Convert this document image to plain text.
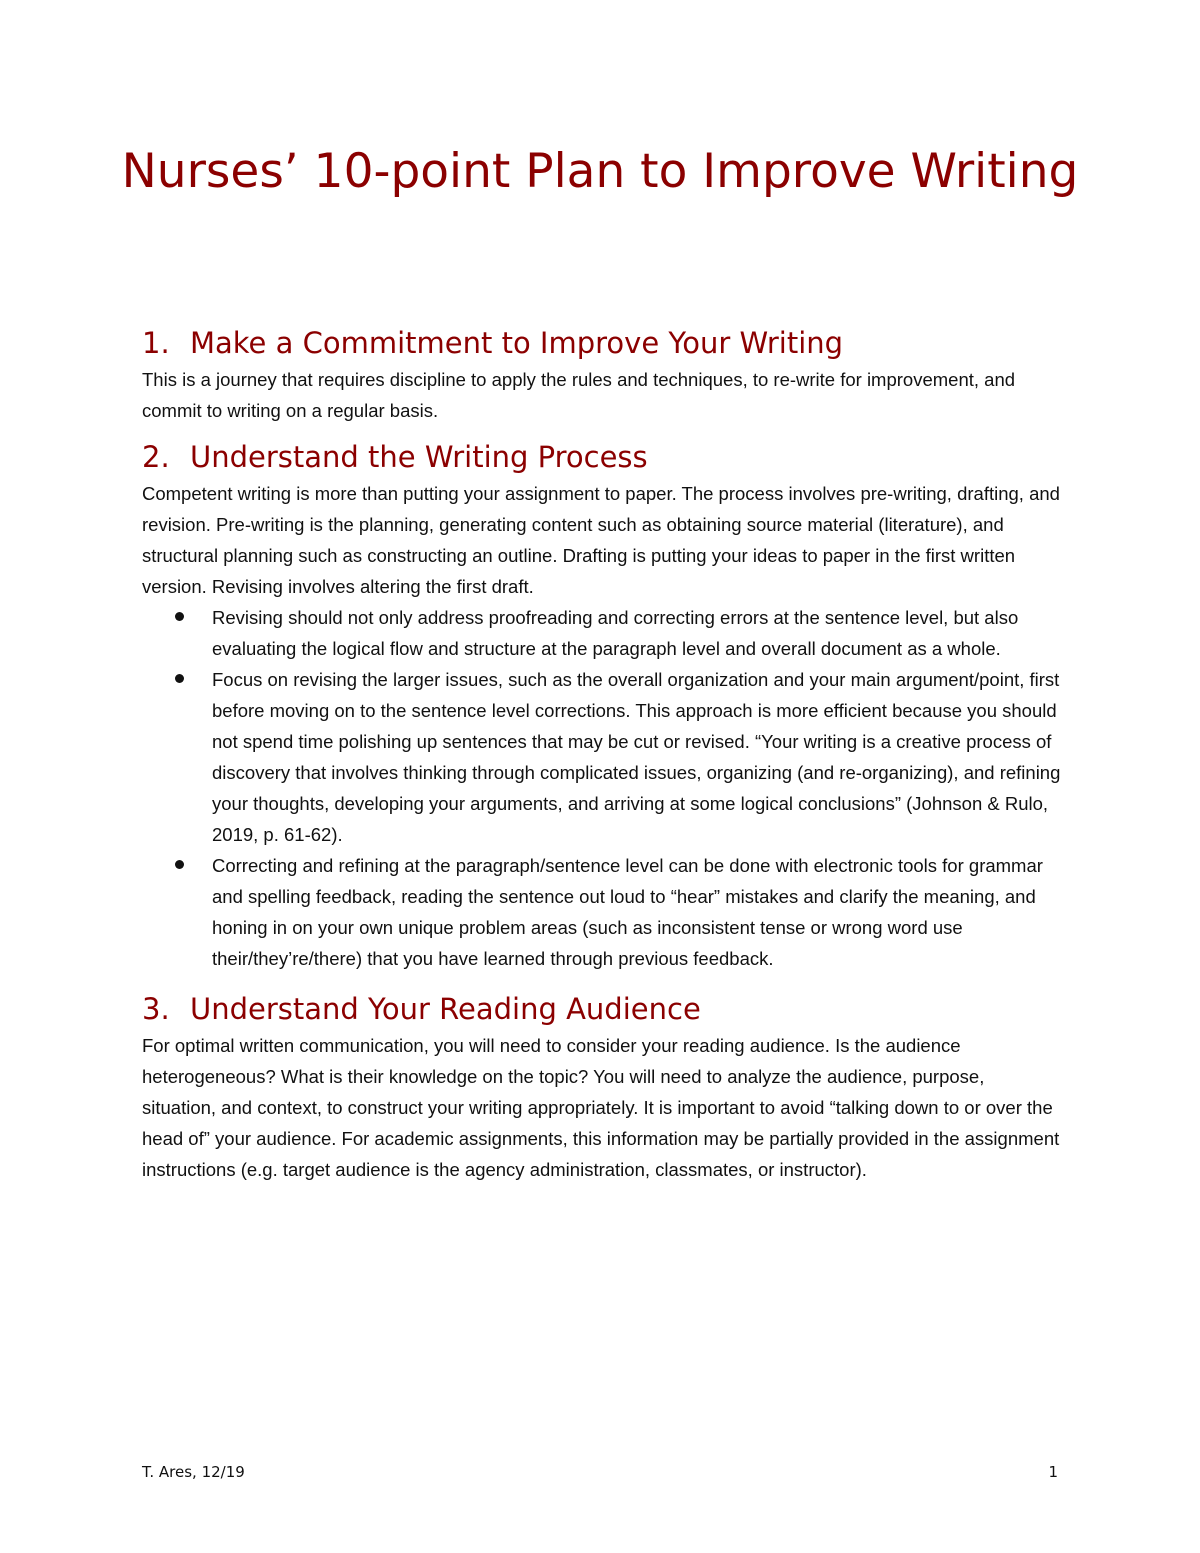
Nurses’ 10-point Plan to Improve Writing
1. Make a Commitment to Improve Your Writing

This is a journey that requires discipline to apply the rules and techniques, to re-write for improvement, and commit to writing on a regular basis.

2. Understand the Writing Process

Competent writing is more than putting your assignment to paper. The process involves pre-writing, drafting, and revision. Pre-writing is the planning, generating content such as obtaining source material (literature), and structural planning such as constructing an outline. Drafting is putting your ideas to paper in the first written version. Revising involves altering the first draft.

Revising should not only address proofreading and correcting errors at the sentence level, but also evaluating the logical flow and structure at the paragraph level and overall document as a whole.
Focus on revising the larger issues, such as the overall organization and your main argument/point, first before moving on to the sentence level corrections. This approach is more efficient because you should not spend time polishing up sentences that may be cut or revised. “Your writing is a creative process of discovery that involves thinking through complicated issues, organizing (and re-organizing), and refining your thoughts, developing your arguments, and arriving at some logical conclusions” (Johnson & Rulo, 2019, p. 61-62).
Correcting and refining at the paragraph/sentence level can be done with electronic tools for grammar and spelling feedback, reading the sentence out loud to “hear” mistakes and clarify the meaning, and honing in on your own unique problem areas (such as inconsistent tense or wrong word use their/they’re/there) that you have learned through previous feedback.
3. Understand Your Reading Audience

For optimal written communication, you will need to consider your reading audience. Is the audience heterogeneous? What is their knowledge on the topic? You will need to analyze the audience, purpose, situation, and context, to construct your writing appropriately. It is important to avoid “talking down to or over the head of” your audience. For academic assignments, this information may be partially provided in the assignment instructions (e.g. target audience is the agency administration, classmates, or instructor).

T. Ares, 12/19	1
